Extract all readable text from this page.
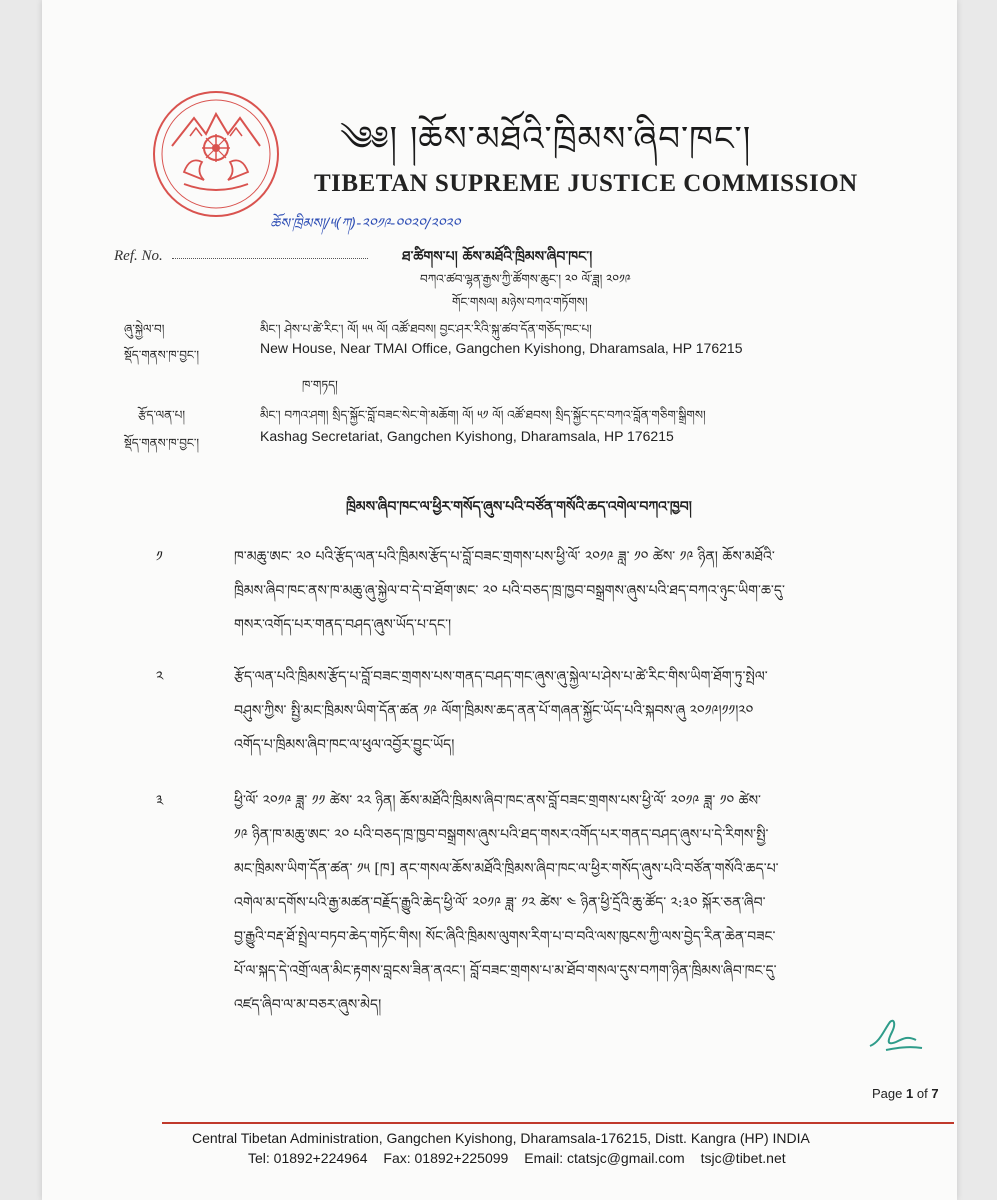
༄༅། །ཆོས་མཐོའི་ཁྲིམས་ཞིབ་ཁང་།
TIBETAN SUPREME JUSTICE COMMISSION
ཆོས་ཁྲིམས།/༥(ཀ)-༢༠༡༩-༠༠༢༠/༢༠༢༠
Ref. No.	ཐ་ཚིགས་པ། ཆོས་མཐོའི་ཁྲིམས་ཞིབ་ཁང་།
བཀའ་ཚབ་ལྷན་རྒྱས་ཀྱི་ཚོགས་ཆུང་། ༢༠ ལོ་ཟླ། ༢༠༡༩
གོང་གསལ། མཉེས་བཀའ་གཏོགས།
ཞུ་སྐྱེལ་བ།	མིང་། ཤེས་པ་ཚེ་རིང་། ལོ། ༥༥ ལོ། འཚོ་ཐབས། བྱང་ཤར་རིའི་སྐུ་ཚབ་དོན་གཅོད་ཁང་པ།
སྡོད་གནས་ཁ་བྱང་།	New House, Near TMAI Office, Gangchen Kyishong, Dharamsala, HP 176215
ཁ་གཏད།
རྩོད་ལན་པ།	མིང་། བཀའ་ཤག། སྲིད་སྐྱོང་བློ་བཟང་སེང་གེ་མཆོག། ལོ། ༥༡ ལོ། འཚོ་ཐབས། སྲིད་སྐྱོང་དང་བཀའ་བློན་གཅིག་སྒྲིགས།
སྡོད་གནས་ཁ་བྱང་།	Kashag Secretariat, Gangchen Kyishong, Dharamsala, HP 176215
ཁྲིམས་ཞིབ་ཁང་ལ་ཕྱིར་གསོད་ཞུས་པའི་བཙོན་གསོའི་ཆད་འགེལ་བཀའ་ཁྱབ།
༡	ཁ་མཆུ་ཨང་ ༢༠ པའི་རྩོད་ལན་པའི་ཁྲིམས་རྩོད་པ་བློ་བཟང་གྲགས་པས་ཕྱི་ལོ་ ༢༠༡༩ ཟླ་ ༡༠ ཚེས་ ༡༩ ཉིན། ཆོས་མཐོའི་
ཁྲིམས་ཞིབ་ཁང་ནས་ཁ་མཆུ་ཞུ་སྐྱེལ་བ་དེ་བ་ཐོག་ཨང་ ༢༠ པའི་བཅད་ཁྲ་ཁྱབ་བསྒྲགས་ཞུས་པའི་ཐད་བཀའ་ཉུང་ཡིག་ཆ་དུ་
གསར་འགོད་པར་གནད་བཤད་ཞུས་ཡོད་པ་དང་།
༢	རྩོད་ལན་པའི་ཁྲིམས་རྩོད་པ་བློ་བཟང་གྲགས་པས་གནད་བཤད་གང་ཞུས་ཞུ་སྐྱེལ་པ་ཤེས་པ་ཚེ་རིང་གིས་ཡིག་ཐོག་ཏུ་སྤེལ་
བཤུས་ཀྱིས་ སྤྱི་མང་ཁྲིམས་ཡིག་དོན་ཚན ༡༩ ལོག་ཁྲིམས་ཆད་ནན་པོ་གཞན་སྐྱོང་ཡོད་པའི་སྐབས་ཞུ ༢༠༡༩།༡༡།༢༠
འགོད་པ་ཁྲིམས་ཞིབ་ཁང་ལ་ཕུལ་འབྱོར་བྱུང་ཡོད།
༣	ཕྱི་ལོ་ ༢༠༡༩ ཟླ་ ༡༡ ཚེས་ ༢༢ ཉིན། ཆོས་མཐོའི་ཁྲིམས་ཞིབ་ཁང་ནས་བློ་བཟང་གྲགས་པས་ཕྱི་ལོ་ ༢༠༡༩ ཟླ་ ༡༠ ཚེས་
༡༩ ཉིན་ཁ་མཆུ་ཨང་ ༢༠ པའི་བཅད་ཁྲ་ཁྱབ་བསྒྲགས་ཞུས་པའི་ཐད་གསར་འགོད་པར་གནད་བཤད་ཞུས་པ་དེ་རིགས་སྤྱི་
མང་ཁྲིམས་ཡིག་དོན་ཚན་ ༡༥ [ཁ] ནང་གསལ་ཆོས་མཐོའི་ཁྲིམས་ཞིབ་ཁང་ལ་ཕྱིར་གསོད་ཞུས་པའི་བཙོན་གསོའི་ཆད་པ་
འགེལ་མ་དགོས་པའི་རྒྱ་མཚན་བརྗོད་རྒྱུའི་ཆེད་ཕྱི་ལོ་ ༢༠༡༩ ཟླ་ ༡༢ ཚེས་ ༤ ཉིན་ཕྱི་དྲོའི་ཆུ་ཚོད་ ༢:༣༠ སྐོར་ཅན་ཞིབ་
བྱ་རྒྱུའི་བརྡ་ཐོ་སྤྲེལ་བཏབ་ཆེད་གཏོང་གིས། སོང་ཞིའི་ཁྲིམས་ལུགས་རིག་པ་བ་བའི་ལས་ཁུངས་ཀྱི་ལས་བྱེད་རིན་ཆེན་བཟང་
པོ་ལ་སྐད་དེ་འགྲོ་ལན་མིང་རྟགས་བླངས་ཟིན་ནའང་། བློ་བཟང་གྲགས་པ་མ་ཐོབ་གསལ་དུས་བཀག་ཉིན་ཁྲིམས་ཞིབ་ཁང་དུ་
འཛད་ཞིབ་ལ་མ་བཅར་ཞུས་མེད།
Page 1 of 7
Central Tibetan Administration, Gangchen Kyishong, Dharamsala-176215, Distt. Kangra (HP) INDIA
Tel: 01892+224964 Fax: 01892+225099 Email: ctatsjc@gmail.com tsjc@tibet.net
